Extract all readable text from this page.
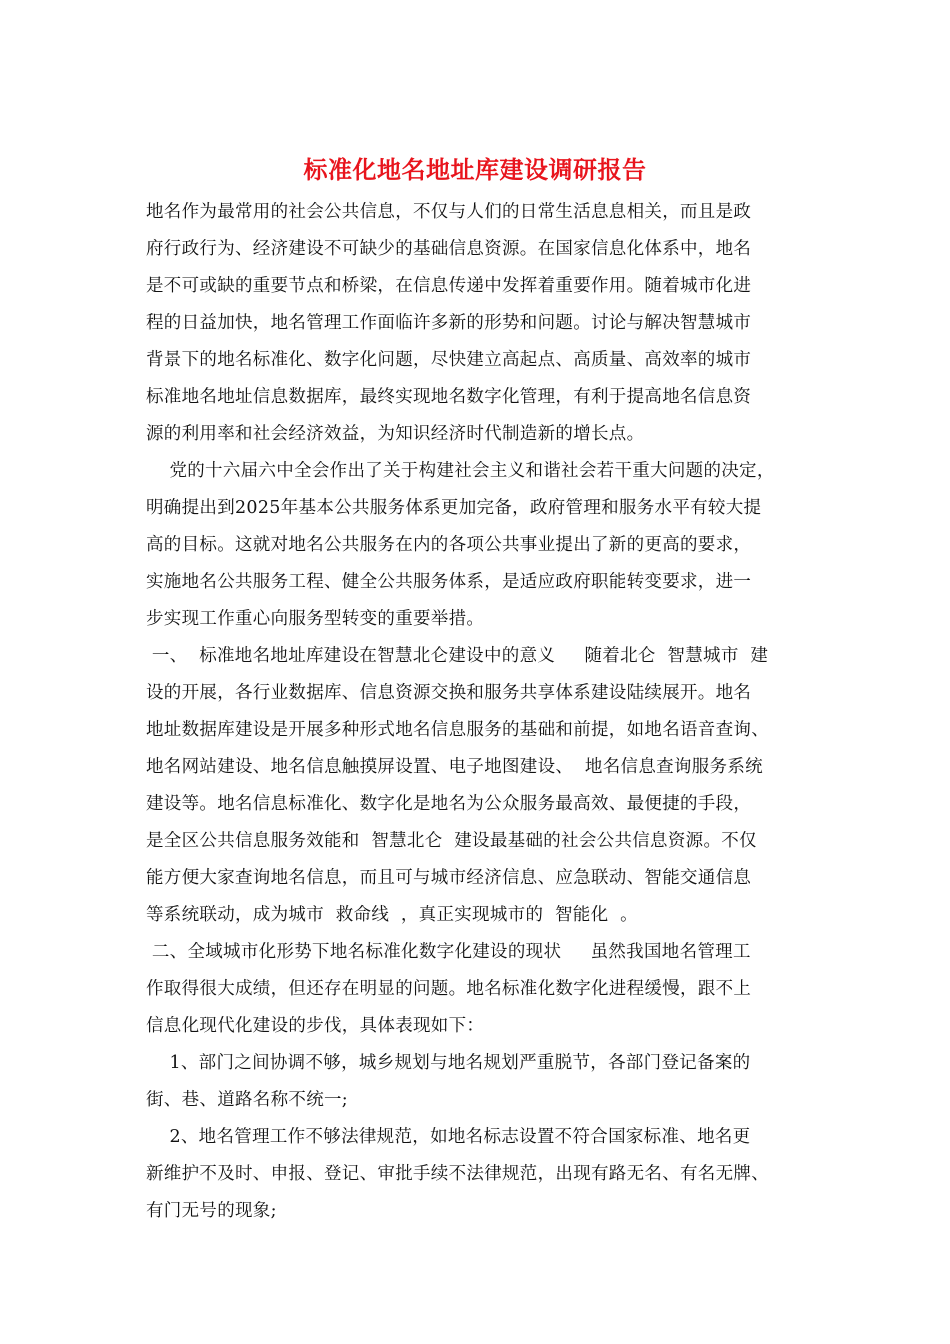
标准化地名地址库建设调研报告
地名作为最常用的社会公共信息，不仅与人们的日常生活息息相关，而且是政
府行政行为、经济建设不可缺少的基础信息资源。在国家信息化体系中，地名
是不可或缺的重要节点和桥梁，在信息传递中发挥着重要作用。随着城市化进
程的日益加快，地名管理工作面临许多新的形势和问题。讨论与解决智慧城市
背景下的地名标准化、数字化问题，尽快建立高起点、高质量、高效率的城市
标准地名地址信息数据库，最终实现地名数字化管理，有利于提高地名信息资
源的利用率和社会经济效益，为知识经济时代制造新的增长点。
党的十六届六中全会作出了关于构建社会主义和谐社会若干重大问题的决定，
明确提出到2025年基本公共服务体系更加完备，政府管理和服务水平有较大提
高的目标。这就对地名公共服务在内的各项公共事业提出了新的更高的要求，
实施地名公共服务工程、健全公共服务体系，是适应政府职能转变要求，进一
步实现工作重心向服务型转变的重要举措。
一、  标准地名地址库建设在智慧北仑建设中的意义     随着北仑  智慧城市  建
设的开展，各行业数据库、信息资源交换和服务共享体系建设陆续展开。地名
地址数据库建设是开展多种形式地名信息服务的基础和前提，如地名语音查询、
地名网站建设、地名信息触摸屏设置、电子地图建设、  地名信息查询服务系统
建设等。地名信息标准化、数字化是地名为公众服务最高效、最便捷的手段，
是全区公共信息服务效能和  智慧北仑  建设最基础的社会公共信息资源。不仅
能方便大家查询地名信息，而且可与城市经济信息、应急联动、智能交通信息
等系统联动，成为城市  救命线  ，真正实现城市的  智能化  。
二、全域城市化形势下地名标准化数字化建设的现状     虽然我国地名管理工
作取得很大成绩，但还存在明显的问题。地名标准化数字化进程缓慢，跟不上
信息化现代化建设的步伐，具体表现如下：
1、部门之间协调不够，城乡规划与地名规划严重脱节，各部门登记备案的
街、巷、道路名称不统一;
2、地名管理工作不够法律规范，如地名标志设置不符合国家标准、地名更
新维护不及时、申报、登记、审批手续不法律规范，出现有路无名、有名无牌、
有门无号的现象;
